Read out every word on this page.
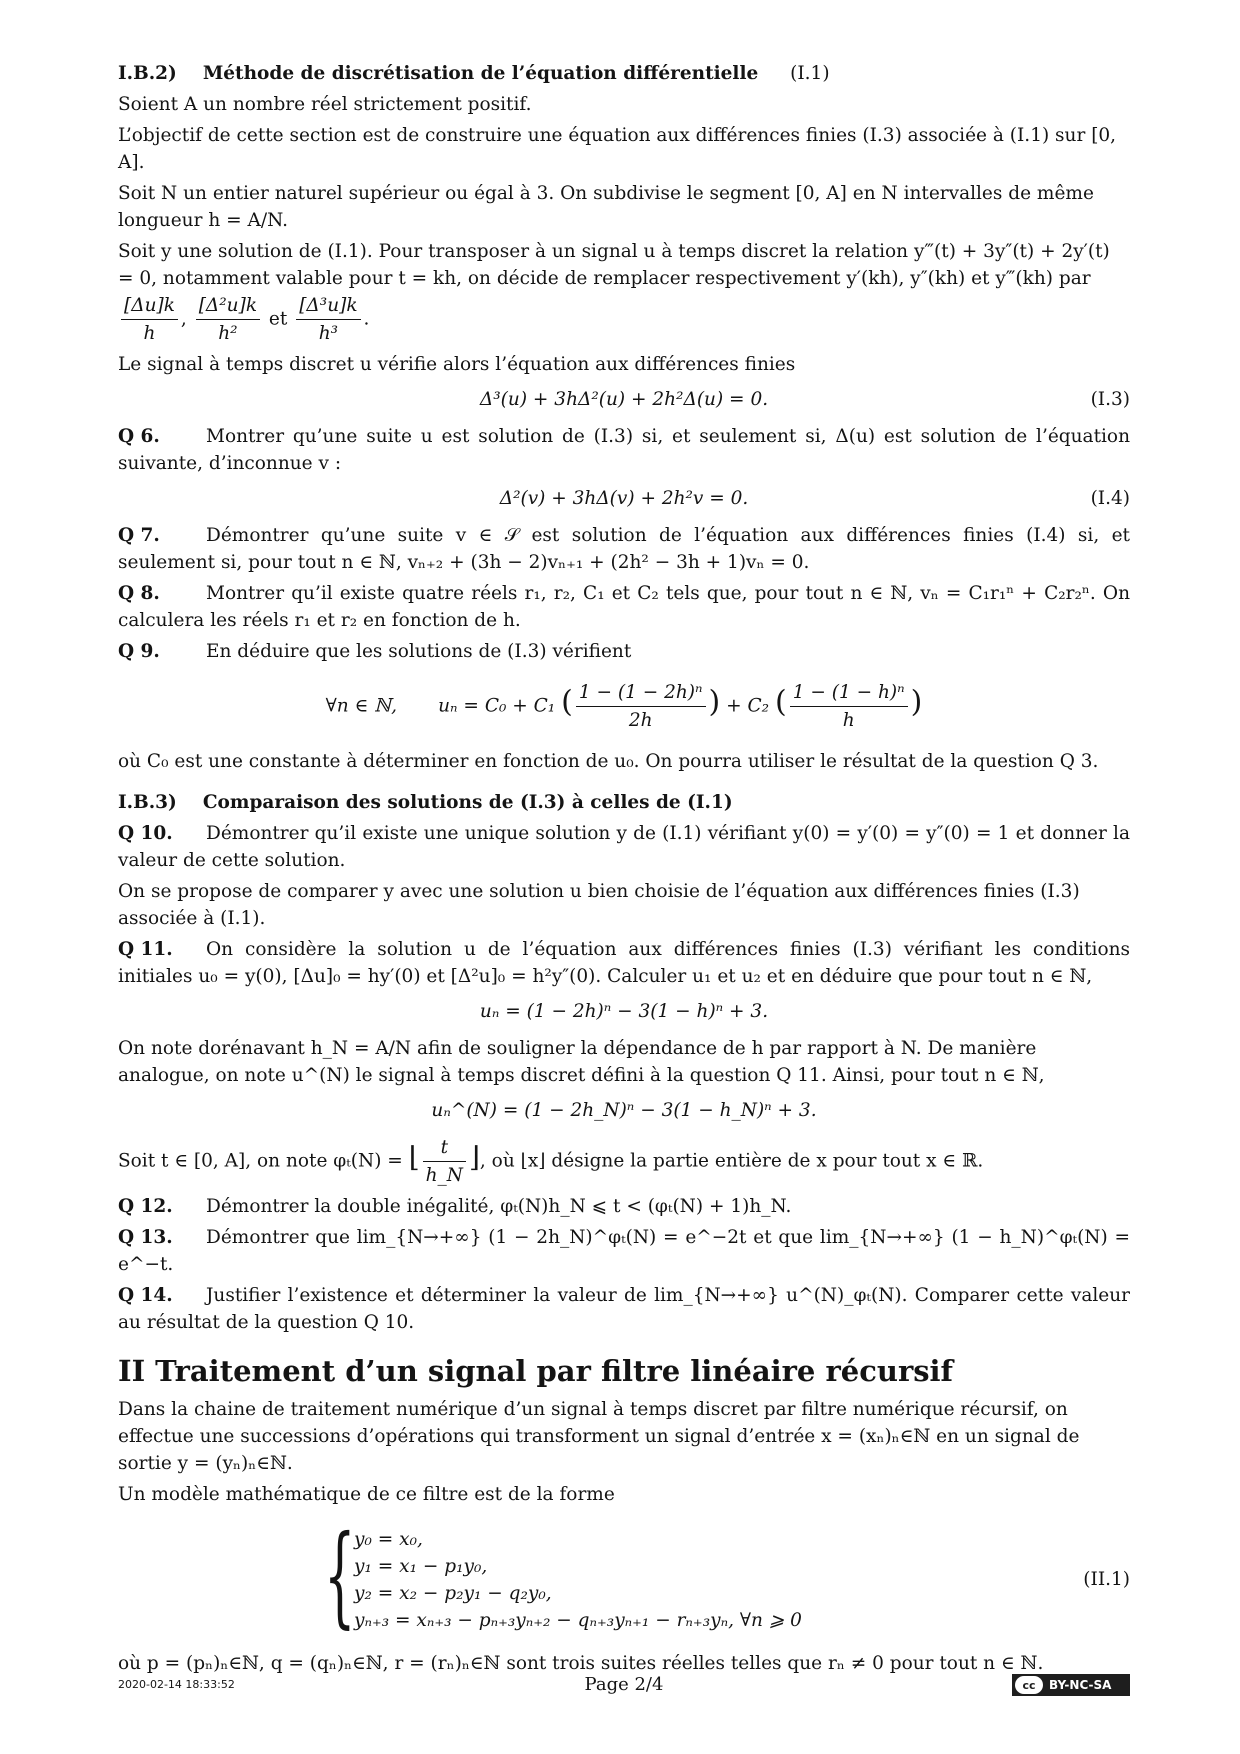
I.B.2) Méthode de discrétisation de l’équation différentielle (I.1)

Soient A un nombre réel strictement positif.

L’objectif de cette section est de construire une équation aux différences finies (I.3) associée à (I.1) sur [0, A].

Soit N un entier naturel supérieur ou égal à 3. On subdivise le segment [0, A] en N intervalles de même longueur h = A/N.

Soit y une solution de (I.1). Pour transposer à un signal u à temps discret la relation y‴(t) + 3y″(t) + 2y′(t) = 0, notamment valable pour t = kh, on décide de remplacer respectivement y′(kh), y″(kh) et y‴(kh) par
$\frac{[\Delta u]k}{h}$ , $\frac{\text{[Δ²u]k}}{\text{h²}}$ et $\frac{\text{[Δ³u]k}}{\text{h³}}$ .

Le signal à temps discret u vérifie alors l’équation aux différences finies

Δ³(u) + 3hΔ²(u) + 2h²Δ(u) = 0.	(I.3)
Q 6. Montrer qu’une suite u est solution de (I.3) si, et seulement si, Δ(u) est solution de l’équation suivante, d’inconnue v :
Δ²(v) + 3hΔ(v) + 2h²v = 0.	(I.4)
Q 7. Démontrer qu’une suite v ∈ 𝒮 est solution de l’équation aux différences finies (I.4) si, et seulement si, pour tout n ∈ ℕ, vₙ₊₂ + (3h − 2)vₙ₊₁ + (2h² − 3h + 1)vₙ = 0.
Q 8. Montrer qu’il existe quatre réels r₁, r₂, C₁ et C₂ tels que, pour tout n ∈ ℕ, vₙ = C₁r₁ⁿ + C₂r₂ⁿ. On calculera les réels r₁ et r₂ en fonction de h.
Q 9. En déduire que les solutions de (I.3) vérifient
∀n ∈ ℕ, uₙ = C₀ + C₁ ( $\frac{\text{1 − (1 − 2h)ⁿ}}{2h}$ ) + C₂ ( $\frac{\text{1 − (1 − h)ⁿ}}{h}$ )

où C₀ est une constante à déterminer en fonction de u₀. On pourra utiliser le résultat de la question Q 3.

I.B.3) Comparaison des solutions de (I.3) à celles de (I.1)
Q 10. Démontrer qu’il existe une unique solution y de (I.1) vérifiant y(0) = y′(0) = y″(0) = 1 et donner la valeur de cette solution.

On se propose de comparer y avec une solution u bien choisie de l’équation aux différences finies (I.3) associée à (I.1).

Q 11. On considère la solution u de l’équation aux différences finies (I.3) vérifiant les conditions initiales u₀ = y(0), [Δu]₀ = hy′(0) et [Δ²u]₀ = h²y″(0). Calculer u₁ et u₂ et en déduire que pour tout n ∈ ℕ,
uₙ = (1 − 2h)ⁿ − 3(1 − h)ⁿ + 3.

On note dorénavant h_N = A/N afin de souligner la dépendance de h par rapport à N. De manière analogue, on note u^(N) le signal à temps discret défini à la question Q 11. Ainsi, pour tout n ∈ ℕ,

uₙ^(N) = (1 − 2h_N)ⁿ − 3(1 − h_N)ⁿ + 3.

Soit t ∈ [0, A], on note φₜ(N) = ⌊ $\frac{t}{h\_N}$ ⌋, où ⌊x⌋ désigne la partie entière de x pour tout x ∈ ℝ.

Q 12. Démontrer la double inégalité, φₜ(N)h_N ⩽ t < (φₜ(N) + 1)h_N.
Q 13. Démontrer que lim_{N→+∞} (1 − 2h_N)^φₜ(N) = e^−2t et que lim_{N→+∞} (1 − h_N)^φₜ(N) = e^−t.
Q 14. Justifier l’existence et déterminer la valeur de lim_{N→+∞} u^(N)_φₜ(N). Comparer cette valeur au résultat de la question Q 10.
II Traitement d’un signal par filtre linéaire récursif

Dans la chaine de traitement numérique d’un signal à temps discret par filtre numérique récursif, on effectue une successions d’opérations qui transforment un signal d’entrée x = (xₙ)ₙ∈ℕ en un signal de sortie y = (yₙ)ₙ∈ℕ.

Un modèle mathématique de ce filtre est de la forme

{
y₀ = x₀,
y₁ = x₁ − p₁y₀,
y₂ = x₂ − p₂y₁ − q₂y₀,
yₙ₊₃ = xₙ₊₃ − pₙ₊₃yₙ₊₂ − qₙ₊₃yₙ₊₁ − rₙ₊₃yₙ, ∀n ⩾ 0
(II.1)

où p = (pₙ)ₙ∈ℕ, q = (qₙ)ₙ∈ℕ, r = (rₙ)ₙ∈ℕ sont trois suites réelles telles que rₙ ≠ 0 pour tout n ∈ ℕ.

2020-02-14 18:33:52	Page 2/4	cc	BY-NC-SA
